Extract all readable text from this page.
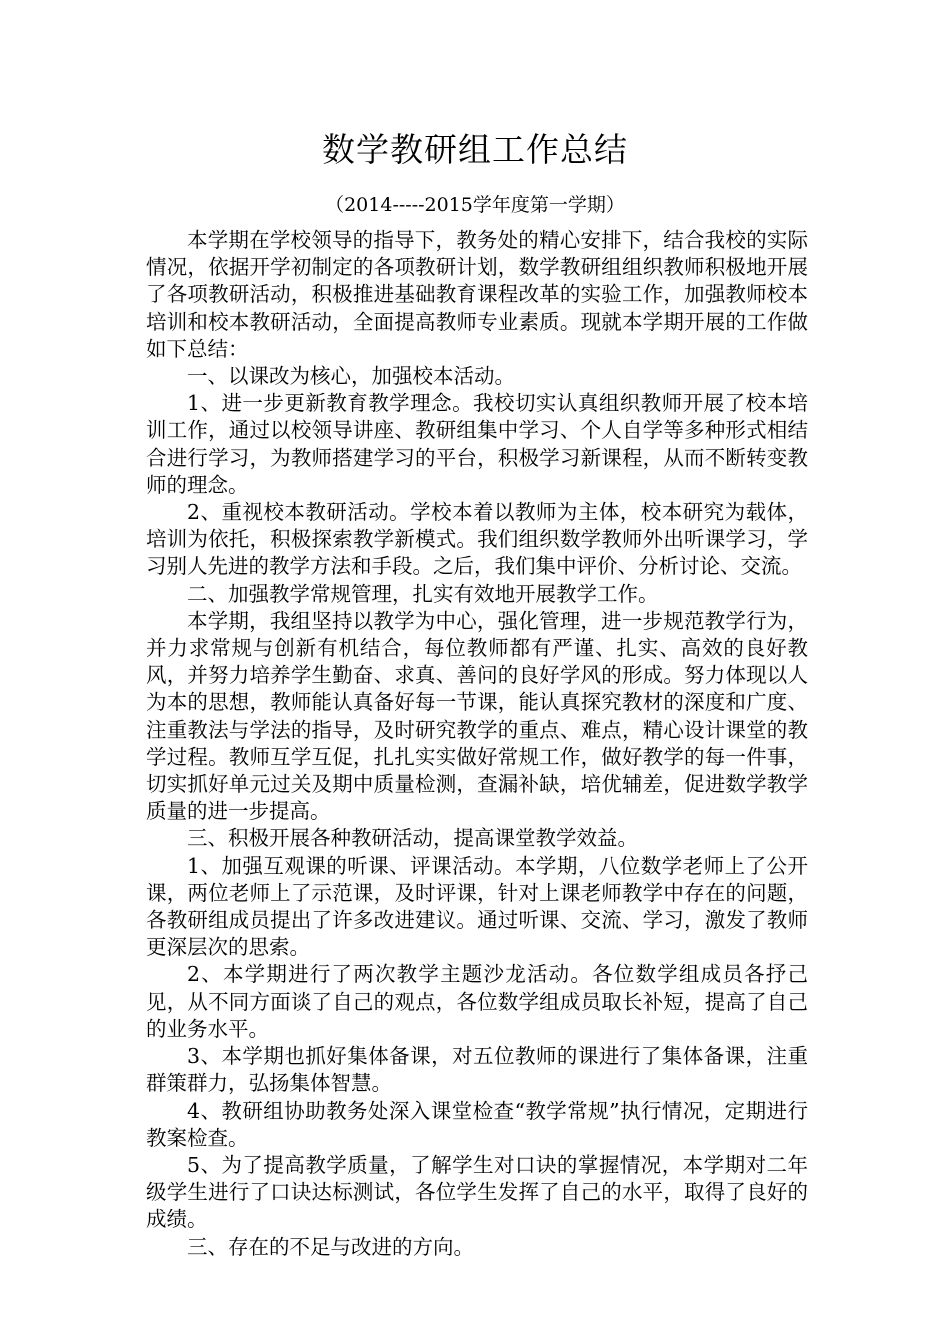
数学教研组工作总结
（2014-----2015学年度第一学期）

本学期在学校领导的指导下，教务处的精心安排下，结合我校的实际情况，依据开学初制定的各项教研计划，数学教研组组织教师积极地开展了各项教研活动，积极推进基础教育课程改革的实验工作，加强教师校本培训和校本教研活动，全面提高教师专业素质。现就本学期开展的工作做如下总结：

一、以课改为核心，加强校本活动。

1、进一步更新教育教学理念。我校切实认真组织教师开展了校本培训工作，通过以校领导讲座、教研组集中学习、个人自学等多种形式相结合进行学习，为教师搭建学习的平台，积极学习新课程，从而不断转变教师的理念。

2、重视校本教研活动。学校本着以教师为主体，校本研究为载体，培训为依托，积极探索教学新模式。我们组织数学教师外出听课学习，学习别人先进的教学方法和手段。之后，我们集中评价、分析讨论、交流。

二、加强教学常规管理，扎实有效地开展教学工作。

本学期，我组坚持以教学为中心，强化管理，进一步规范教学行为，并力求常规与创新有机结合，每位教师都有严谨、扎实、高效的良好教风，并努力培养学生勤奋、求真、善问的良好学风的形成。努力体现以人为本的思想，教师能认真备好每一节课，能认真探究教材的深度和广度、注重教法与学法的指导，及时研究教学的重点、难点，精心设计课堂的教学过程。教师互学互促，扎扎实实做好常规工作，做好教学的每一件事，切实抓好单元过关及期中质量检测，查漏补缺，培优辅差，促进数学教学质量的进一步提高。

三、积极开展各种教研活动，提高课堂教学效益。

1、加强互观课的听课、评课活动。本学期，八位数学老师上了公开课，两位老师上了示范课，及时评课，针对上课老师教学中存在的问题，各教研组成员提出了许多改进建议。通过听课、交流、学习，激发了教师更深层次的思索。

2、本学期进行了两次教学主题沙龙活动。各位数学组成员各抒己见，从不同方面谈了自己的观点，各位数学组成员取长补短，提高了自己的业务水平。

3、本学期也抓好集体备课，对五位教师的课进行了集体备课，注重群策群力，弘扬集体智慧。

4、教研组协助教务处深入课堂检查“教学常规”执行情况，定期进行教案检查。

5、为了提高教学质量，了解学生对口诀的掌握情况，本学期对二年级学生进行了口诀达标测试，各位学生发挥了自己的水平，取得了良好的成绩。

三、存在的不足与改进的方向。
